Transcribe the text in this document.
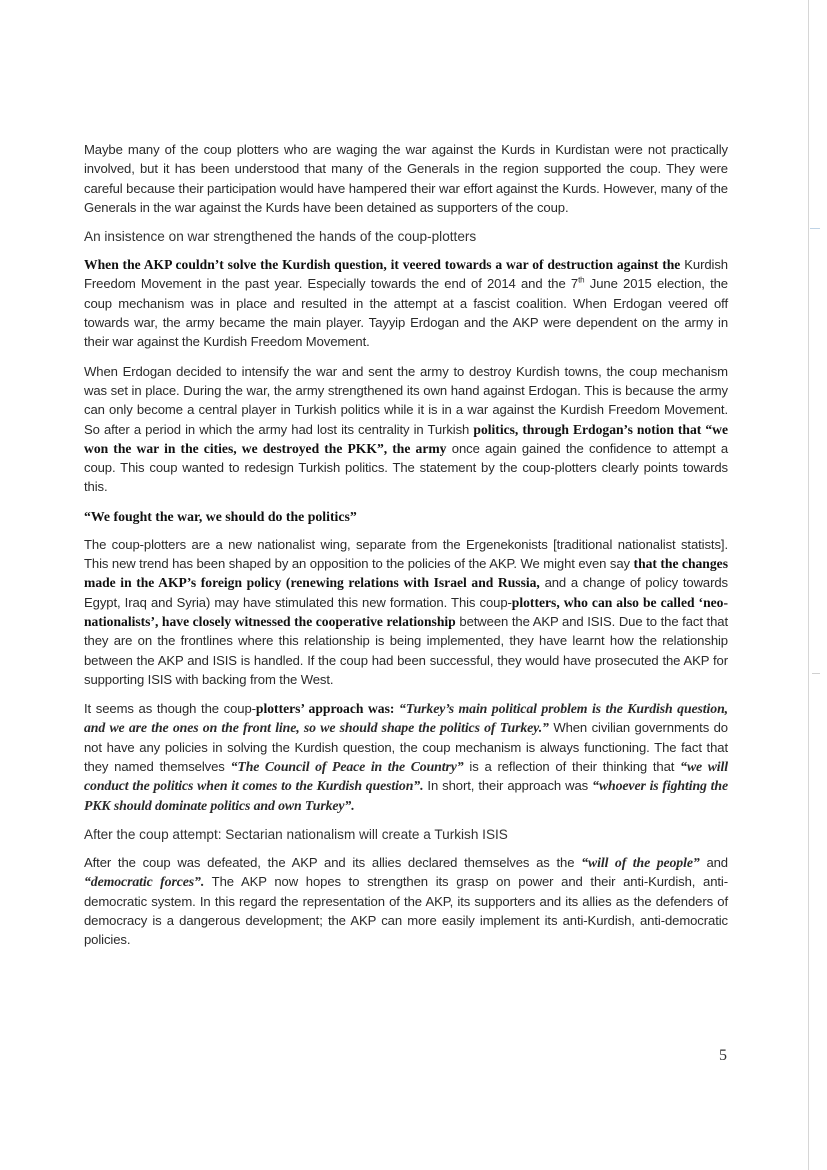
Maybe many of the coup plotters who are waging the war against the Kurds in Kurdistan were not practically involved, but it has been understood that many of the Generals in the region supported the coup. They were careful because their participation would have hampered their war effort against the Kurds. However, many of the Generals in the war against the Kurds have been detained as supporters of the coup.

An insistence on war strengthened the hands of the coup-plotters

When the AKP couldn’t solve the Kurdish question, it veered towards a war of destruction against the Kurdish Freedom Movement in the past year. Especially towards the end of 2014 and the 7th June 2015 election, the coup mechanism was in place and resulted in the attempt at a fascist coalition. When Erdogan veered off towards war, the army became the main player. Tayyip Erdogan and the AKP were dependent on the army in their war against the Kurdish Freedom Movement.

When Erdogan decided to intensify the war and sent the army to destroy Kurdish towns, the coup mechanism was set in place. During the war, the army strengthened its own hand against Erdogan. This is because the army can only become a central player in Turkish politics while it is in a war against the Kurdish Freedom Movement. So after a period in which the army had lost its centrality in Turkish politics, through Erdogan’s notion that “we won the war in the cities, we destroyed the PKK”, the army once again gained the confidence to attempt a coup. This coup wanted to redesign Turkish politics. The statement by the coup-plotters clearly points towards this.

“We fought the war, we should do the politics”

The coup-plotters are a new nationalist wing, separate from the Ergenekonists [traditional nationalist statists]. This new trend has been shaped by an opposition to the policies of the AKP. We might even say that the changes made in the AKP’s foreign policy (renewing relations with Israel and Russia, and a change of policy towards Egypt, Iraq and Syria) may have stimulated this new formation. This coup-plotters, who can also be called ‘neo-nationalists’, have closely witnessed the cooperative relationship between the AKP and ISIS. Due to the fact that they are on the frontlines where this relationship is being implemented, they have learnt how the relationship between the AKP and ISIS is handled. If the coup had been successful, they would have prosecuted the AKP for supporting ISIS with backing from the West.

It seems as though the coup-plotters’ approach was: “Turkey’s main political problem is the Kurdish question, and we are the ones on the front line, so we should shape the politics of Turkey.” When civilian governments do not have any policies in solving the Kurdish question, the coup mechanism is always functioning. The fact that they named themselves “The Council of Peace in the Country” is a reflection of their thinking that “we will conduct the politics when it comes to the Kurdish question”. In short, their approach was “whoever is fighting the PKK should dominate politics and own Turkey”.

After the coup attempt: Sectarian nationalism will create a Turkish ISIS

After the coup was defeated, the AKP and its allies declared themselves as the “will of the people” and “democratic forces”. The AKP now hopes to strengthen its grasp on power and their anti-Kurdish, anti-democratic system. In this regard the representation of the AKP, its supporters and its allies as the defenders of democracy is a dangerous development; the AKP can more easily implement its anti-Kurdish, anti-democratic policies.

5
